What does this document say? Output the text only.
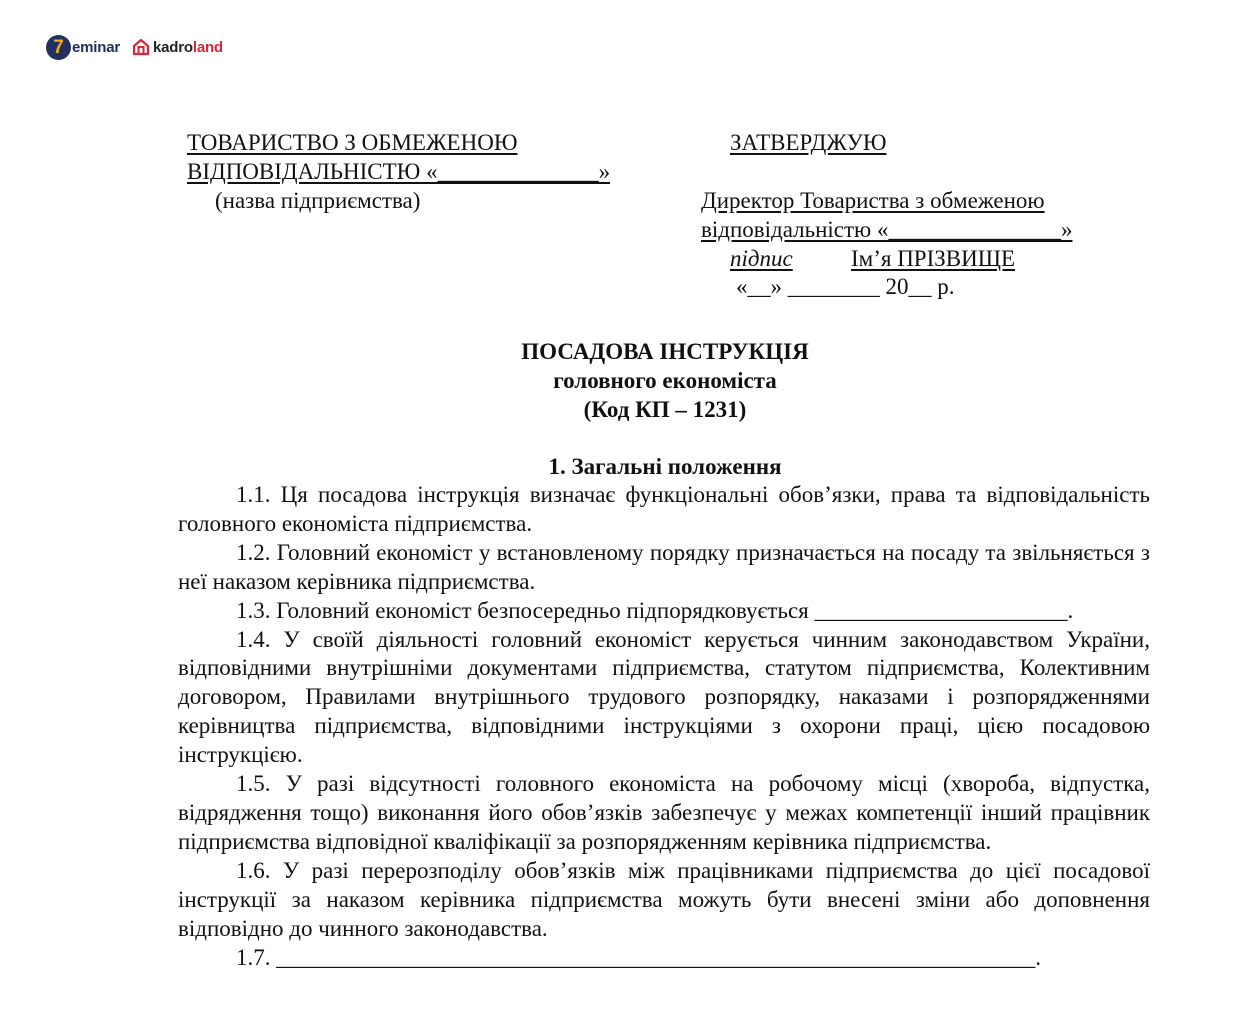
7 eminar kadroland
ТОВАРИСТВО З ОБМЕЖЕНОЮ
ВІДПОВІДАЛЬНІСТЮ «______________»
(назва підприємства)
ЗАТВЕРДЖУЮ
Директор Товариства з обмеженою
відповідальністю «_______________»
підпис	Ім’я ПРІЗВИЩЕ
«__» ________ 20__ р.
ПОСАДОВА ІНСТРУКЦІЯ
головного економіста
(Код КП – 1231)
1. Загальні положення

1.1. Ця посадова інструкція визначає функціональні обов’язки, права та відповідальність головного економіста підприємства.

1.2. Головний економіст у встановленому порядку призначається на посаду та звільняється з неї наказом керівника підприємства.

1.3. Головний економіст безпосередньо підпорядковується ______________________.

1.4. У своїй діяльності головний економіст керується чинним законодавством України, відповідними внутрішніми документами підприємства, статутом підприємства, Колективним договором, Правилами внутрішнього трудового розпорядку, наказами і розпорядженнями керівництва підприємства, відповідними інструкціями з охорони праці, цією посадовою інструкцією.

1.5. У разі відсутності головного економіста на робочому місці (хвороба, відпустка, відрядження тощо) виконання його обов’язків забезпечує у межах компетенції інший працівник підприємства відповідної кваліфікації за розпорядженням керівника підприємства.

1.6. У разі перерозподілу обов’язків між працівниками підприємства до цієї посадової інструкції за наказом керівника підприємства можуть бути внесені зміни або доповнення відповідно до чинного законодавства.

1.7. __________________________________________________________________.
